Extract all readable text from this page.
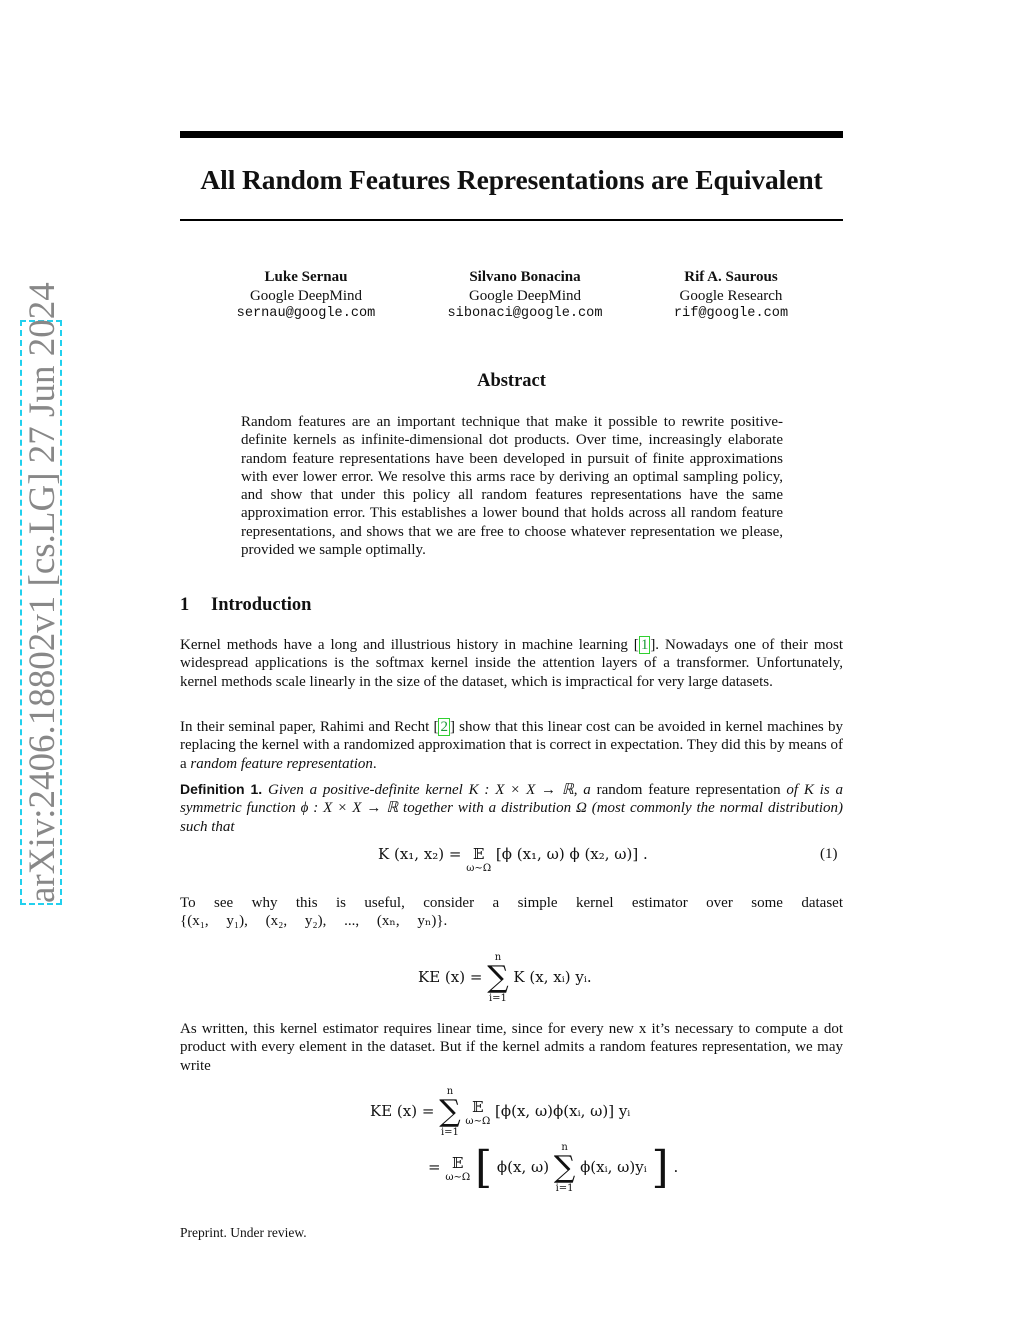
arXiv:2406.18802v1 [cs.LG] 27 Jun 2024
All Random Features Representations are Equivalent
Luke Sernau
Google DeepMind
sernau@google.com
Silvano Bonacina
Google DeepMind
sibonaci@google.com
Rif A. Saurous
Google Research
rif@google.com
Abstract
Random features are an important technique that make it possible to rewrite positive-definite kernels as infinite-dimensional dot products. Over time, increasingly elaborate random feature representations have been developed in pursuit of finite approximations with ever lower error. We resolve this arms race by deriving an optimal sampling policy, and show that under this policy all random features representations have the same approximation error. This establishes a lower bound that holds across all random feature representations, and shows that we are free to choose whatever representation we please, provided we sample optimally.
1 Introduction

Kernel methods have a long and illustrious history in machine learning [ 1 ]. Nowadays one of their most widespread applications is the softmax kernel inside the attention layers of a transformer. Unfortunately, kernel methods scale linearly in the size of the dataset, which is impractical for very large datasets.

In their seminal paper, Rahimi and Recht [ 2 ] show that this linear cost can be avoided in kernel machines by replacing the kernel with a randomized approximation that is correct in expectation. They did this by means of a random feature representation.

Definition 1. Given a positive-definite kernel K : X × X → ℝ, a random feature representation of K is a symmetric function ϕ : X × X → ℝ together with a distribution Ω (most commonly the normal distribution) such that

K (x₁, x₂) = 𝔼
ω∼Ω
[ϕ (x₁, ω) ϕ (x₂, ω)] .	(1)

To see why this is useful, consider a simple kernel estimator over some dataset {(x₁, y₁), (x₂, y₂), ..., (xₙ, yₙ)}.

KE (x) =
n
∑
i=1
K (x, xᵢ) yᵢ.

As written, this kernel estimator requires linear time, since for every new x it’s necessary to compute a dot product with every element in the dataset. But if the kernel admits a random features representation, we may write

KE (x) =
n
∑
i=1

𝔼
ω∼Ω
[ϕ(x, ω)ϕ(xᵢ, ω)] yᵢ
= 𝔼
ω∼Ω [ ϕ(x, ω)
n
∑
i=1
ϕ(xᵢ, ω)yᵢ ] .
Preprint. Under review.
